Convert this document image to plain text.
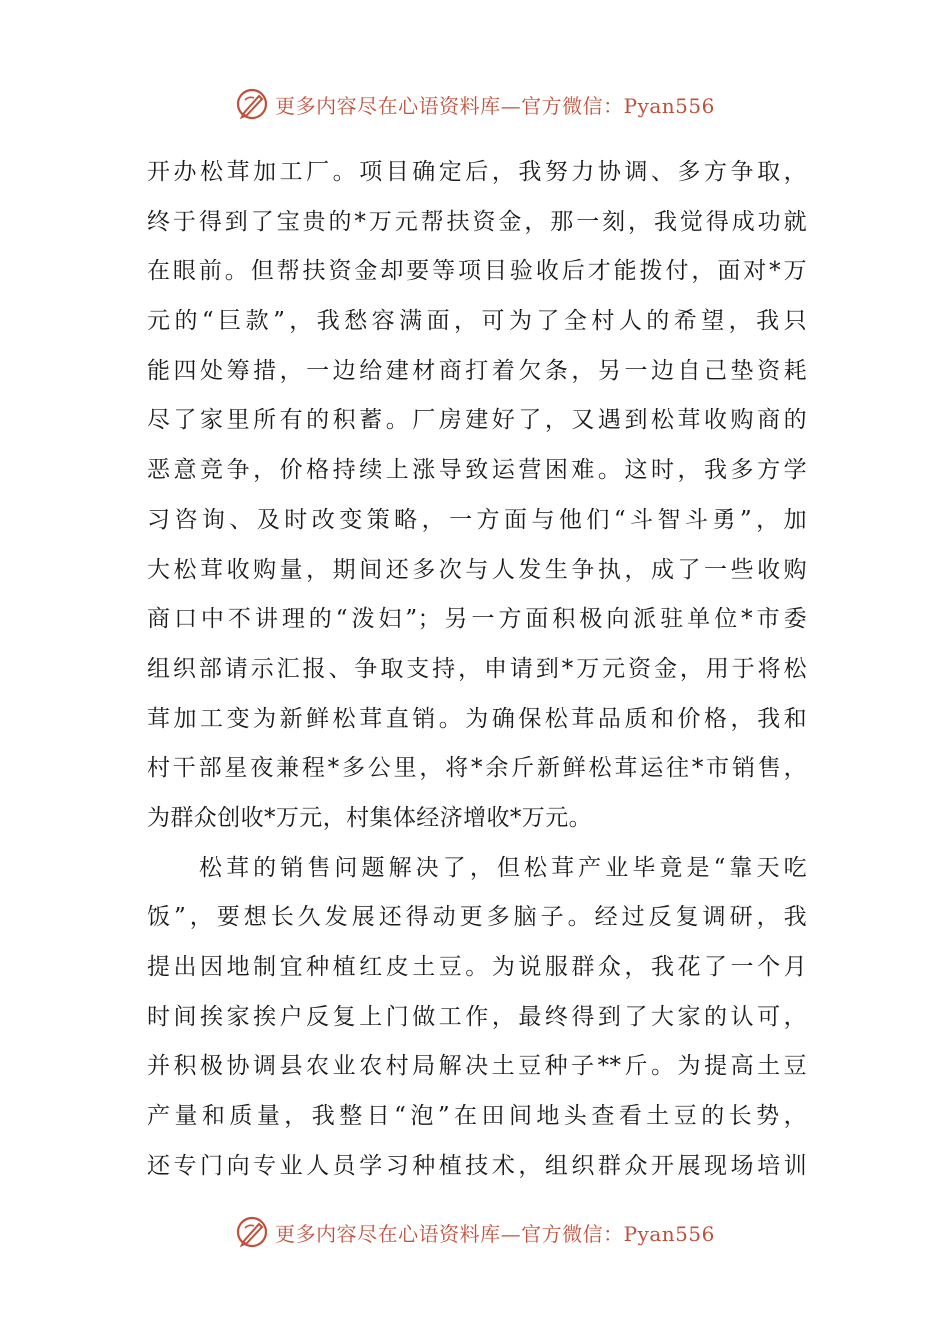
更多内容尽在心语资料库—官方微信：Pyan556
开办松茸加工厂。项目确定后，我努力协调、多方争取，
终于得到了宝贵的*万元帮扶资金，那一刻，我觉得成功就
在眼前。但帮扶资金却要等项目验收后才能拨付，面对*万
元的“巨款”，我愁容满面，可为了全村人的希望，我只
能四处筹措，一边给建材商打着欠条，另一边自己垫资耗
尽了家里所有的积蓄。厂房建好了，又遇到松茸收购商的
恶意竞争，价格持续上涨导致运营困难。这时，我多方学
习咨询、及时改变策略，一方面与他们“斗智斗勇”，加
大松茸收购量，期间还多次与人发生争执，成了一些收购
商口中不讲理的“泼妇”；另一方面积极向派驻单位*市委
组织部请示汇报、争取支持，申请到*万元资金，用于将松
茸加工变为新鲜松茸直销。为确保松茸品质和价格，我和
村干部星夜兼程*多公里，将*余斤新鲜松茸运往*市销售，
为群众创收*万元，村集体经济增收*万元。
松茸的销售问题解决了，但松茸产业毕竟是“靠天吃
饭”，要想长久发展还得动更多脑子。经过反复调研，我
提出因地制宜种植红皮土豆。为说服群众，我花了一个月
时间挨家挨户反复上门做工作，最终得到了大家的认可，
并积极协调县农业农村局解决土豆种子**斤。为提高土豆
产量和质量，我整日“泡”在田间地头查看土豆的长势，
还专门向专业人员学习种植技术，组织群众开展现场培训
更多内容尽在心语资料库—官方微信：Pyan556
